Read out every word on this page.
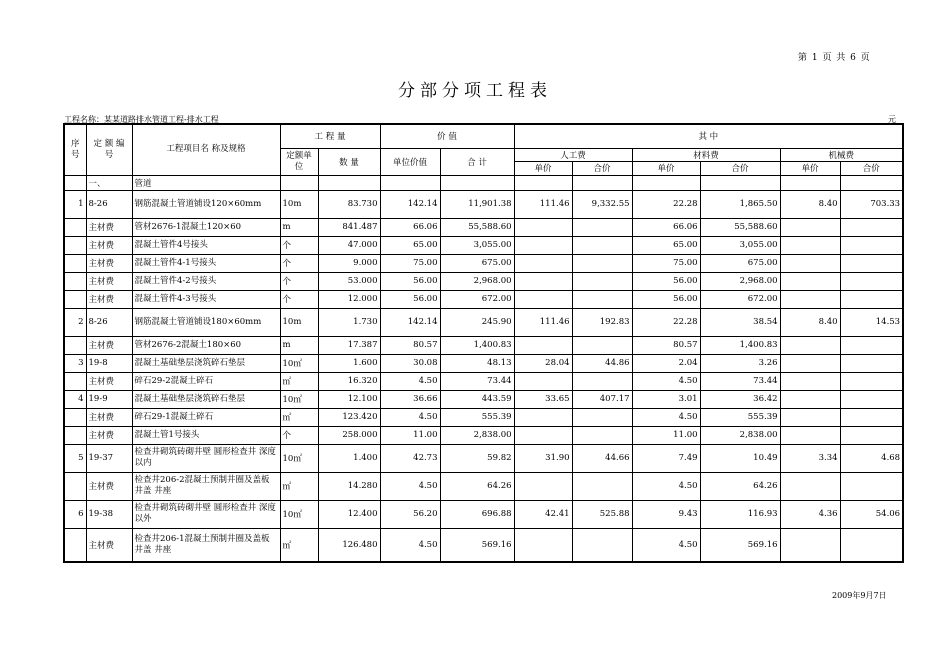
第 1 页 共 6 页
分部分项工程表
工程名称：某某道路排水管道工程-排水工程	元
序 号	定 额 编 号	工程项目名 称及规格	工 程 量		价 值		其 中					
			定额单 位	数 量	单位价值	合 计	人工费		材料费		机械费	
							单价	合价	单价	合价	单价	合价
	一、	管道										
1	8-26	钢筋混凝土管道铺设120×60mm	10m	83.730	142.14	11,901.38	111.46	9,332.55	22.28	1,865.50	8.40	703.33
	主材费	管材2676-1混凝土120×60	m	841.487	66.06	55,588.60			66.06	55,588.60		
	主材费	混凝土管件4号接头	个	47.000	65.00	3,055.00			65.00	3,055.00		
	主材费	混凝土管件4-1号接头	个	9.000	75.00	675.00			75.00	675.00		
	主材费	混凝土管件4-2号接头	个	53.000	56.00	2,968.00			56.00	2,968.00		
	主材费	混凝土管件4-3号接头	个	12.000	56.00	672.00			56.00	672.00		
2	8-26	钢筋混凝土管道铺设180×60mm	10m	1.730	142.14	245.90	111.46	192.83	22.28	38.54	8.40	14.53
	主材费	管材2676-2混凝土180×60	m	17.387	80.57	1,400.83			80.57	1,400.83		
3	19-8	混凝土基础垫层浇筑碎石垫层	10㎡	1.600	30.08	48.13	28.04	44.86	2.04	3.26		
	主材费	碎石29-2混凝土碎石	㎡	16.320	4.50	73.44			4.50	73.44		
4	19-9	混凝土基础垫层浇筑碎石垫层	10㎡	12.100	36.66	443.59	33.65	407.17	3.01	36.42		
	主材费	碎石29-1混凝土碎石	㎡	123.420	4.50	555.39			4.50	555.39		
	主材费	混凝土管1号接头	个	258.000	11.00	2,838.00			11.00	2,838.00		
5	19-37	检查井砌筑砖砌井壁 圆形检查井 深度 以内	10㎡	1.400	42.73	59.82	31.90	44.66	7.49	10.49	3.34	4.68
	主材费	检查井206-2混凝土预制井圈及盖板 井盖 井座	㎡	14.280	4.50	64.26			4.50	64.26		
6	19-38	检查井砌筑砖砌井壁 圆形检查井 深度 以外	10㎡	12.400	56.20	696.88	42.41	525.88	9.43	116.93	4.36	54.06
	主材费	检查井206-1混凝土预制井圈及盖板 井盖 井座	㎡	126.480	4.50	569.16			4.50	569.16		
2009年9月7日
